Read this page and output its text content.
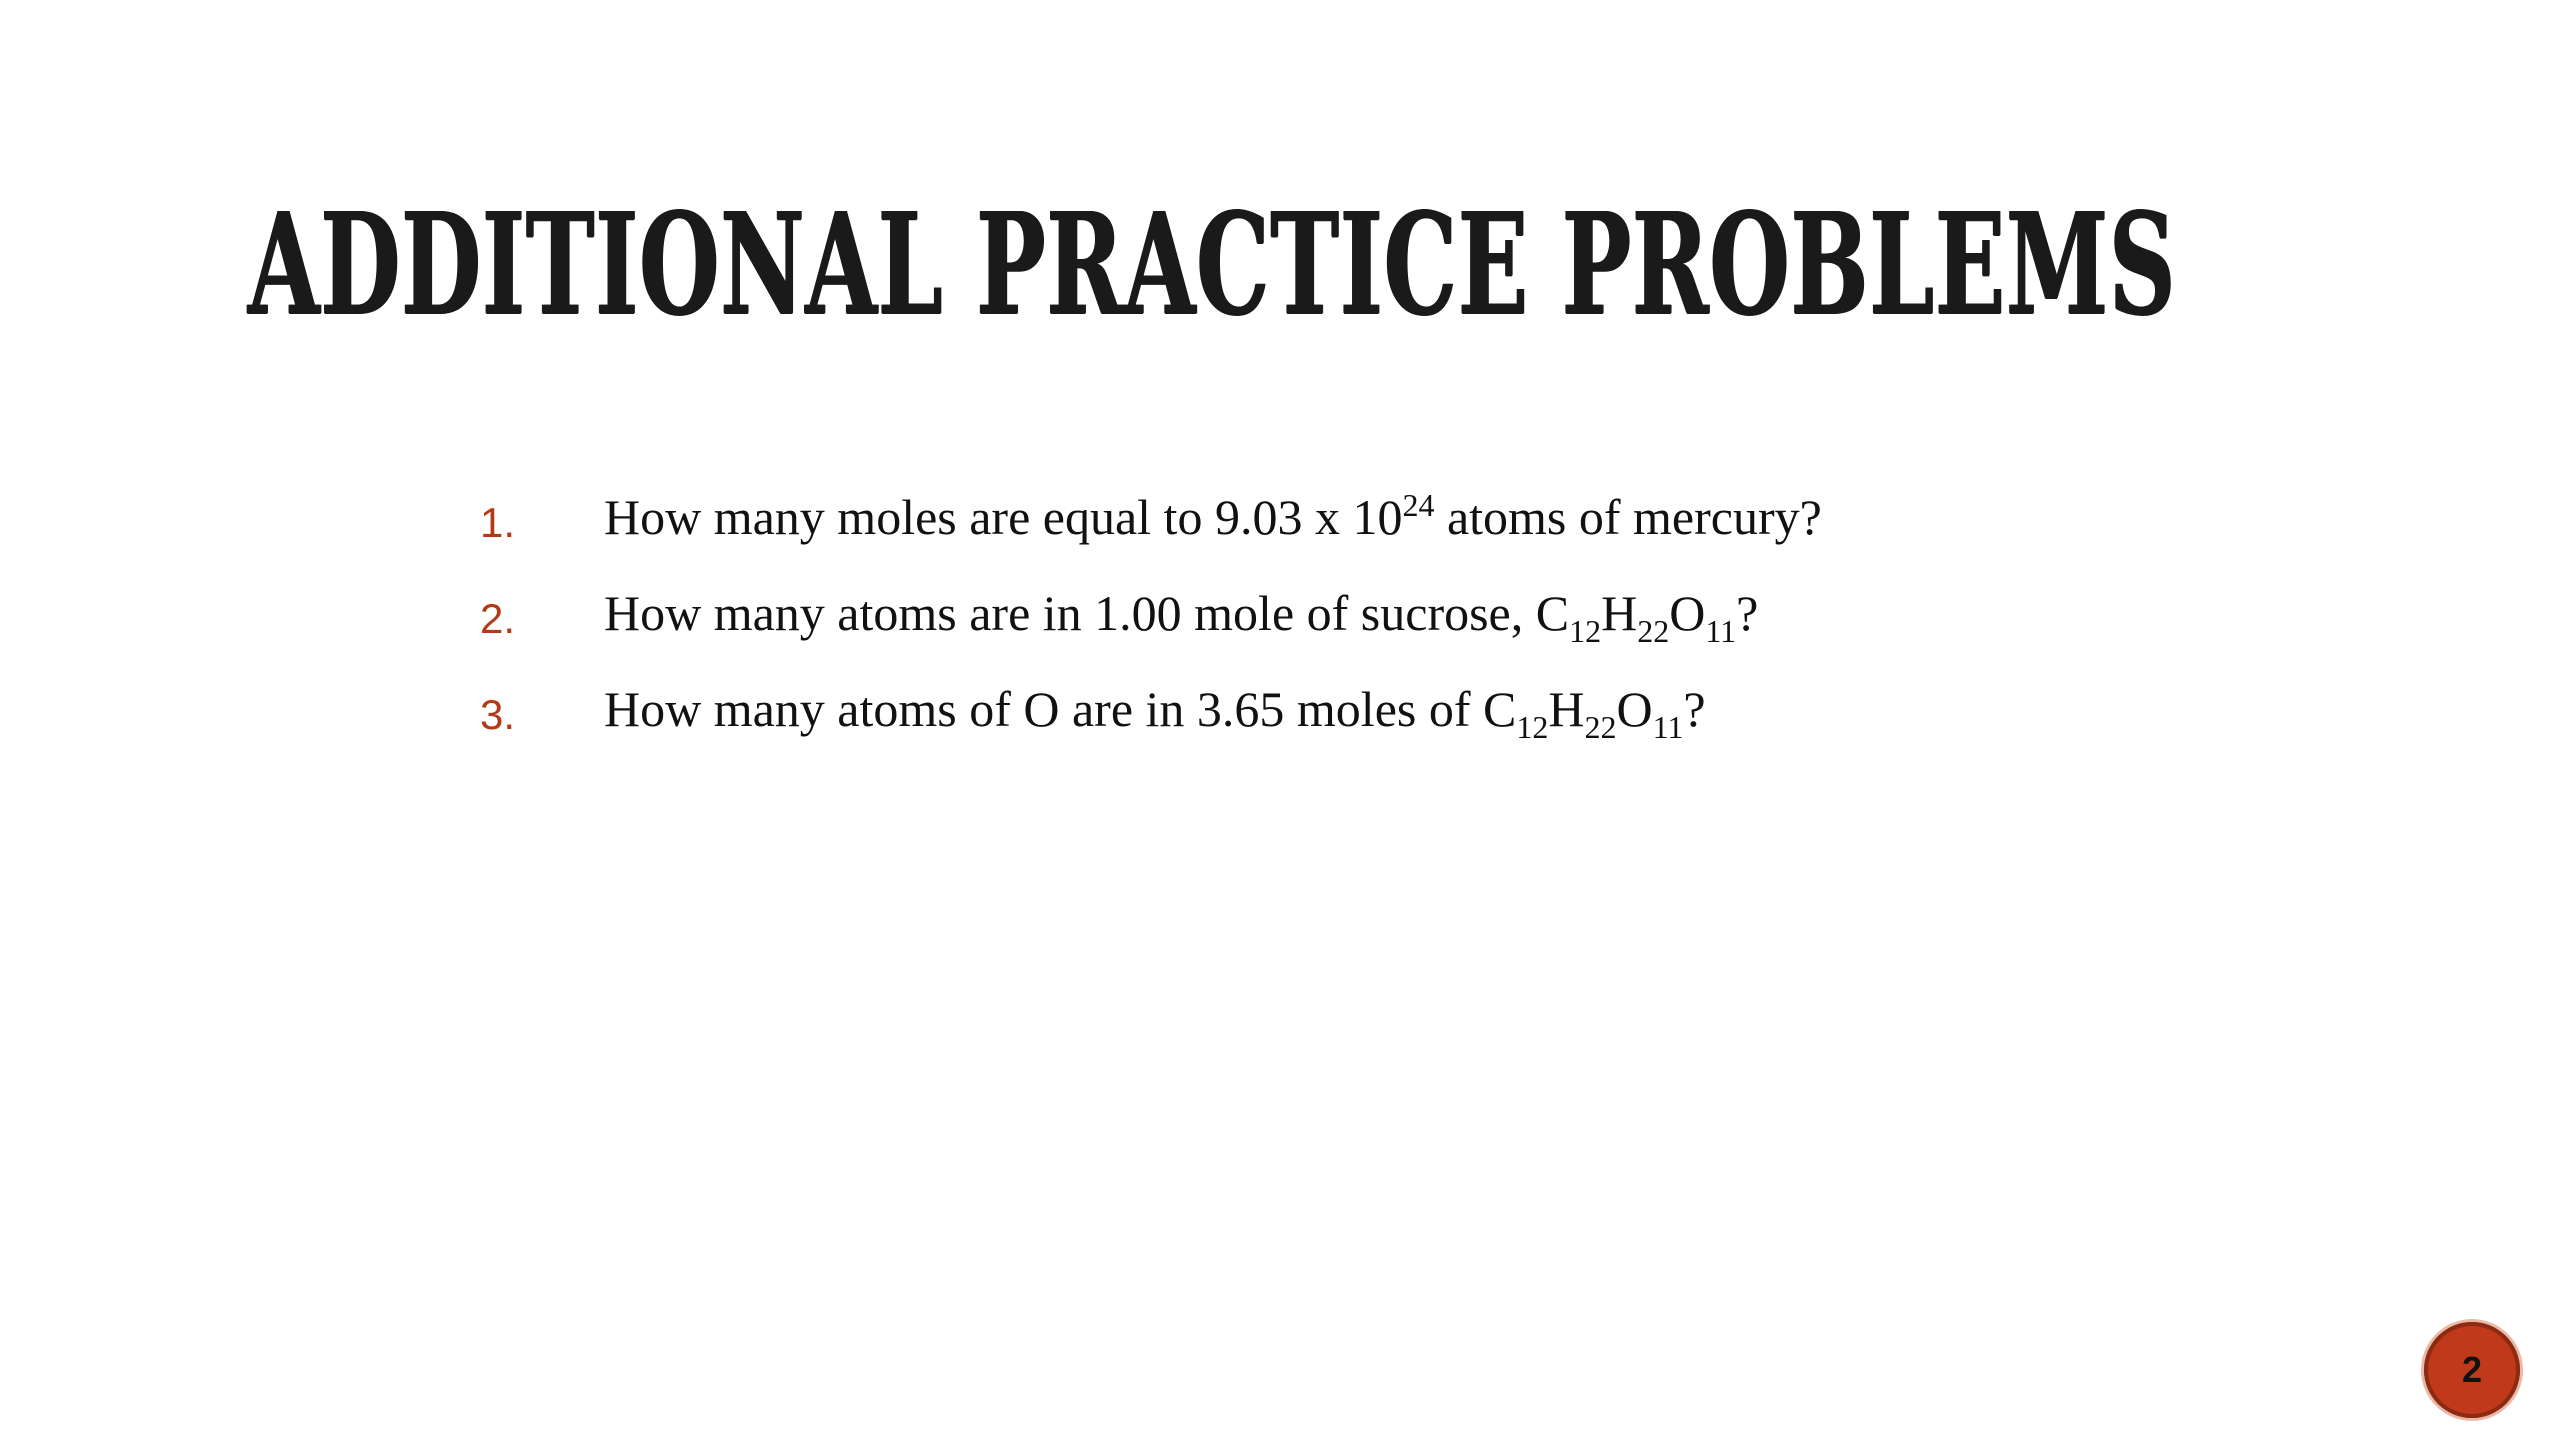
ADDITIONAL PRACTICE PROBLEMS
1.	How many moles are equal to 9.03 x $10^{24}$ atoms of mercury?
2.	How many atoms are in 1.00 mole of sucrose, $C_{12}H_{22}O_{11}$?
3.	How many atoms of O are in 3.65 moles of $C_{12}H_{22}O_{11}$?
2
